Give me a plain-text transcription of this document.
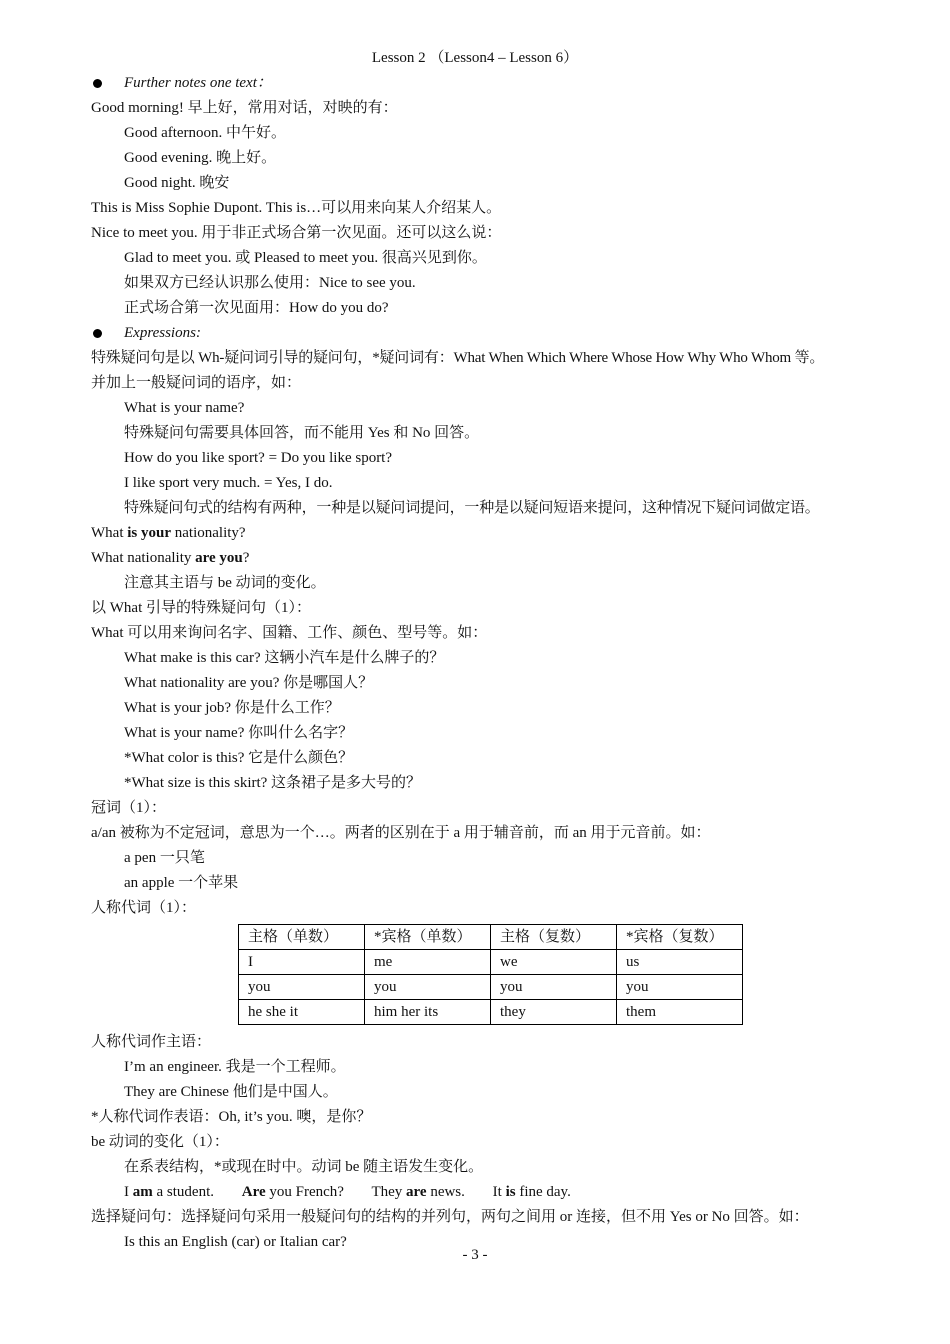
Lesson 2 （Lesson4 – Lesson 6）
Further notes one text：
Good morning! 早上好，常用对话，对映的有：
Good afternoon. 中午好。
Good evening. 晚上好。
Good night. 晚安
This is Miss Sophie Dupont. This is…可以用来向某人介绍某人。
Nice to meet you. 用于非正式场合第一次见面。还可以这么说：
Glad to meet you. 或 Pleased to meet you. 很高兴见到你。
如果双方已经认识那么使用：Nice to see you.
正式场合第一次见面用：How do you do?
Expressions:
特殊疑问句是以 Wh-疑问词引导的疑问句，*疑问词有：What When Which Where Whose How Why Who Whom 等。
并加上一般疑问词的语序，如：
What is your name?
特殊疑问句需要具体回答，而不能用 Yes 和 No 回答。
How do you like sport? = Do you like sport?
I like sport very much. = Yes, I do.
特殊疑问句式的结构有两种，一种是以疑问词提问，一种是以疑问短语来提问，这种情况下疑问词做定语。
What is your nationality?
What nationality are you?
注意其主语与 be 动词的变化。
以 What 引导的特殊疑问句（1）：
What 可以用来询问名字、国籍、工作、颜色、型号等。如：
What make is this car? 这辆小汽车是什么牌子的？
What nationality are you? 你是哪国人？
What is your job? 你是什么工作？
What is your name? 你叫什么名字？
*What color is this? 它是什么颜色？
*What size is this skirt? 这条裙子是多大号的？
冠词（1）：
a/an 被称为不定冠词，意思为一个…。两者的区别在于 a 用于辅音前，而 an 用于元音前。如：
a pen 一只笔
an apple 一个苹果
人称代词（1）：
主格（单数）	*宾格（单数）	主格（复数）	*宾格（复数）
I	me	we	us
you	you	you	you
he she it	him her its	they	them
人称代词作主语：
I’m an engineer. 我是一个工程师。
They are Chinese 他们是中国人。
*人称代词作表语：Oh, it’s you. 噢，是你？
be 动词的变化（1）：
在系表结构，*或现在时中。动词 be 随主语发生变化。
I am a student. Are you French? They are news. It is fine day.
选择疑问句：选择疑问句采用一般疑问句的结构的并列句，两句之间用 or 连接，但不用 Yes or No 回答。如：
Is this an English (car) or Italian car?
- 3 -
